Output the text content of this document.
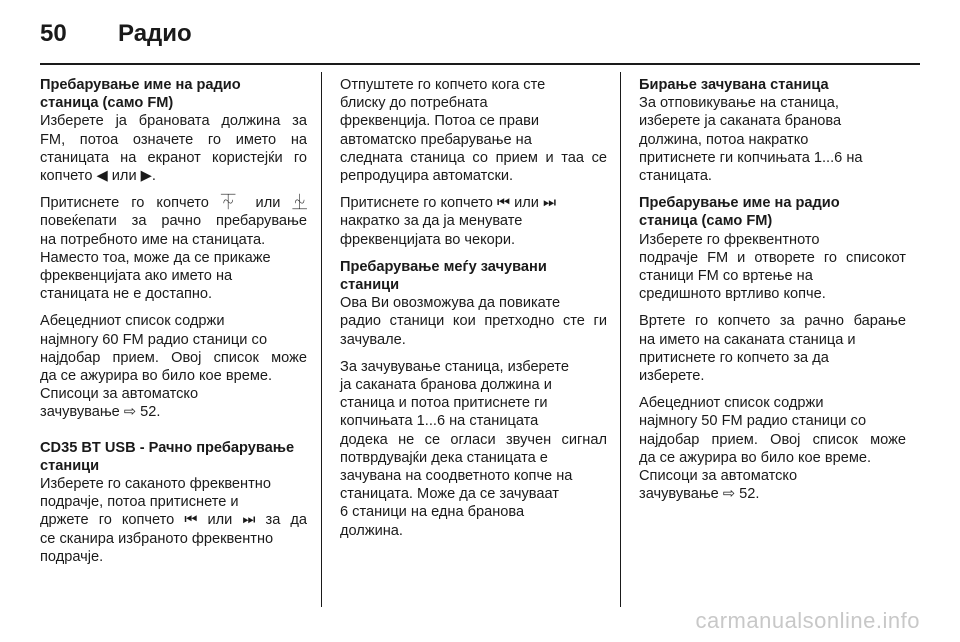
50	Радио
Пребарување име на радио
станица (само FM)
Изберете ја брановата должина за
FM, потоа означете го името на
станицата на екранот користејќи го
копчето ◀ или ▶.
Притиснете го копчето ⏇ или ⏈
повеќепати за рачно пребарување
на потребното име на станицата.
Наместо тоа, може да се прикаже
фреквенцијата ако името на
станицата не е достапно.
Абецедниот список содржи
најмногу 60 FM радио станици со
најдобар прием. Овој список може
да се ажурира во било кое време.
Списоци за автоматско
зачувување ⇨ 52.
CD35 BT USB - Рачно пребарување
станици
Изберете го саканото фреквентно
подрачје, потоа притиснете и
држете го копчето ⏮ или ⏭ за да
се сканира избраното фреквентно
подрачје.
Отпуштете го копчето кога сте
блиску до потребната
фреквенција. Потоа се прави
автоматско пребарување на
следната станица со прием и таа се
репродуцира автоматски.
Притиснете го копчето ⏮ или ⏭
накратко за да ја менувате
фреквенцијата во чекори.
Пребарување меѓу зачувани
станици
Ова Ви овозможува да повикате
радио станици кои претходно сте ги
зачувале.
За зачувување станица, изберете
ја саканата бранова должина и
станица и потоа притиснете ги
копчињата 1...6 на станицата
додека не се огласи звучен сигнал
потврдувајќи дека станицата е
зачувана на соодветното копче на
станицата. Може да се зачуваат
6 станици на една бранова
должина.
Бирање зачувана станица
За отповикување на станица,
изберете ја саканата бранова
должина, потоа накратко
притиснете ги копчињата 1...6 на
станицата.
Пребарување име на радио
станица (само FM)
Изберете го фреквентното
подрачје FM и отворете го списокот
станици FM со вртење на
средишното вртливо копче.
Вртете го копчето за рачно барање
на името на саканата станица и
притиснете го копчето за да
изберете.
Абецедниот список содржи
најмногу 50 FM радио станици со
најдобар прием. Овој список може
да се ажурира во било кое време.
Списоци за автоматско
зачувување ⇨ 52.
carmanualsonline.info
